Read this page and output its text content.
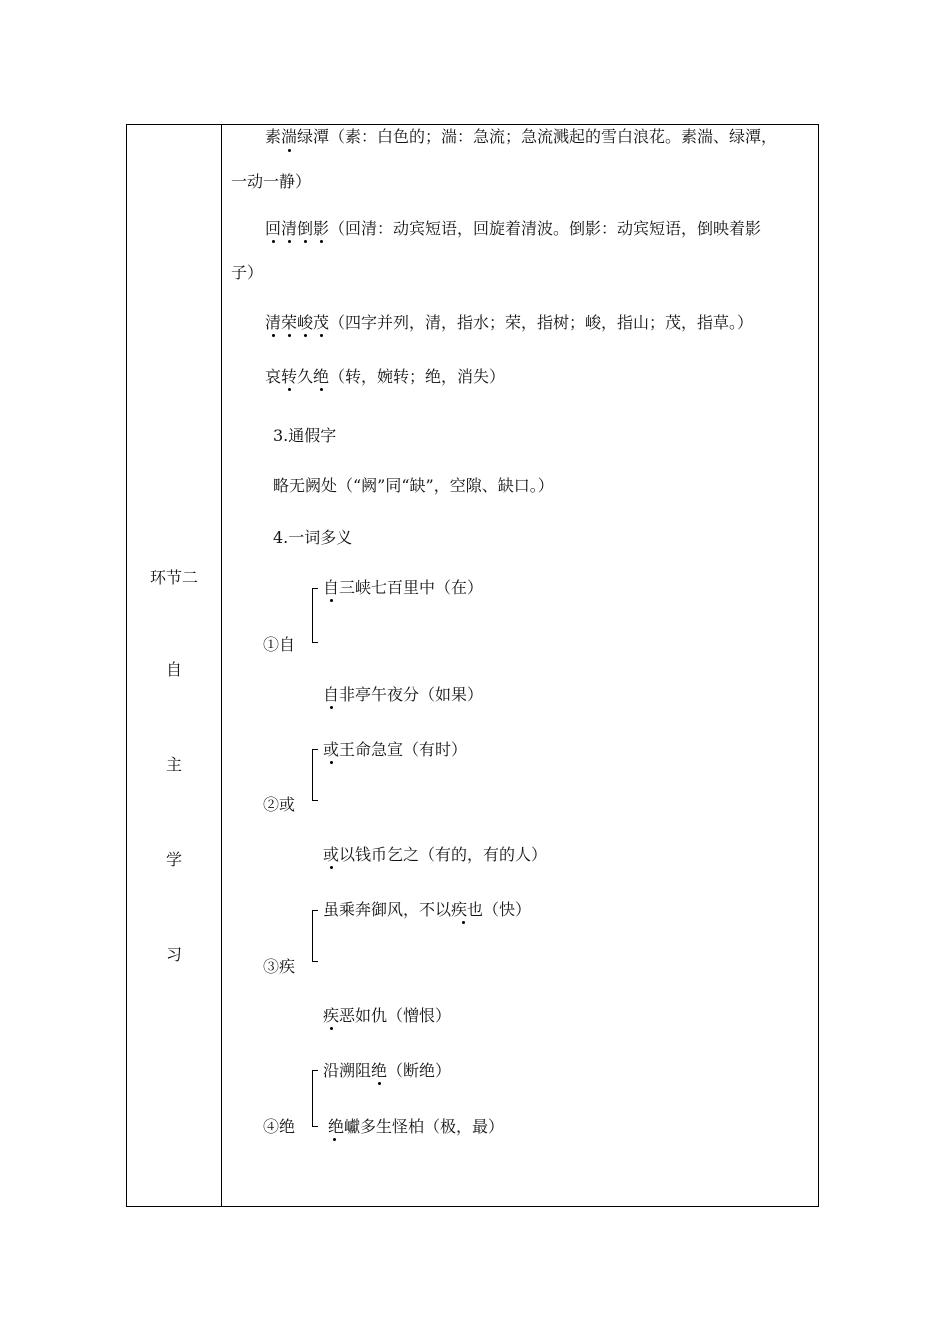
环节二
自
主
学
习
素湍绿潭（素：白色的；湍：急流；急流溅起的雪白浪花。素湍、绿潭，
一动一静）
回清倒影（回清：动宾短语，回旋着清波。倒影：动宾短语，倒映着影
子）
清荣峻茂（四字并列，清，指水；荣，指树；峻，指山；茂，指草。）
哀转久绝（转，婉转；绝，消失）
3.通假字
略无阙处（“阙”同“缺”，空隙、缺口。）
4.一词多义
自三峡七百里中（在）
①自
自非亭午夜分（如果）
或王命急宣（有时）
②或
或以钱币乞之（有的，有的人）
虽乘奔御风，不以疾也（快）
③疾
疾恶如仇（憎恨）
沿溯阻绝（断绝）
④绝 绝巘多生怪柏（极，最）
